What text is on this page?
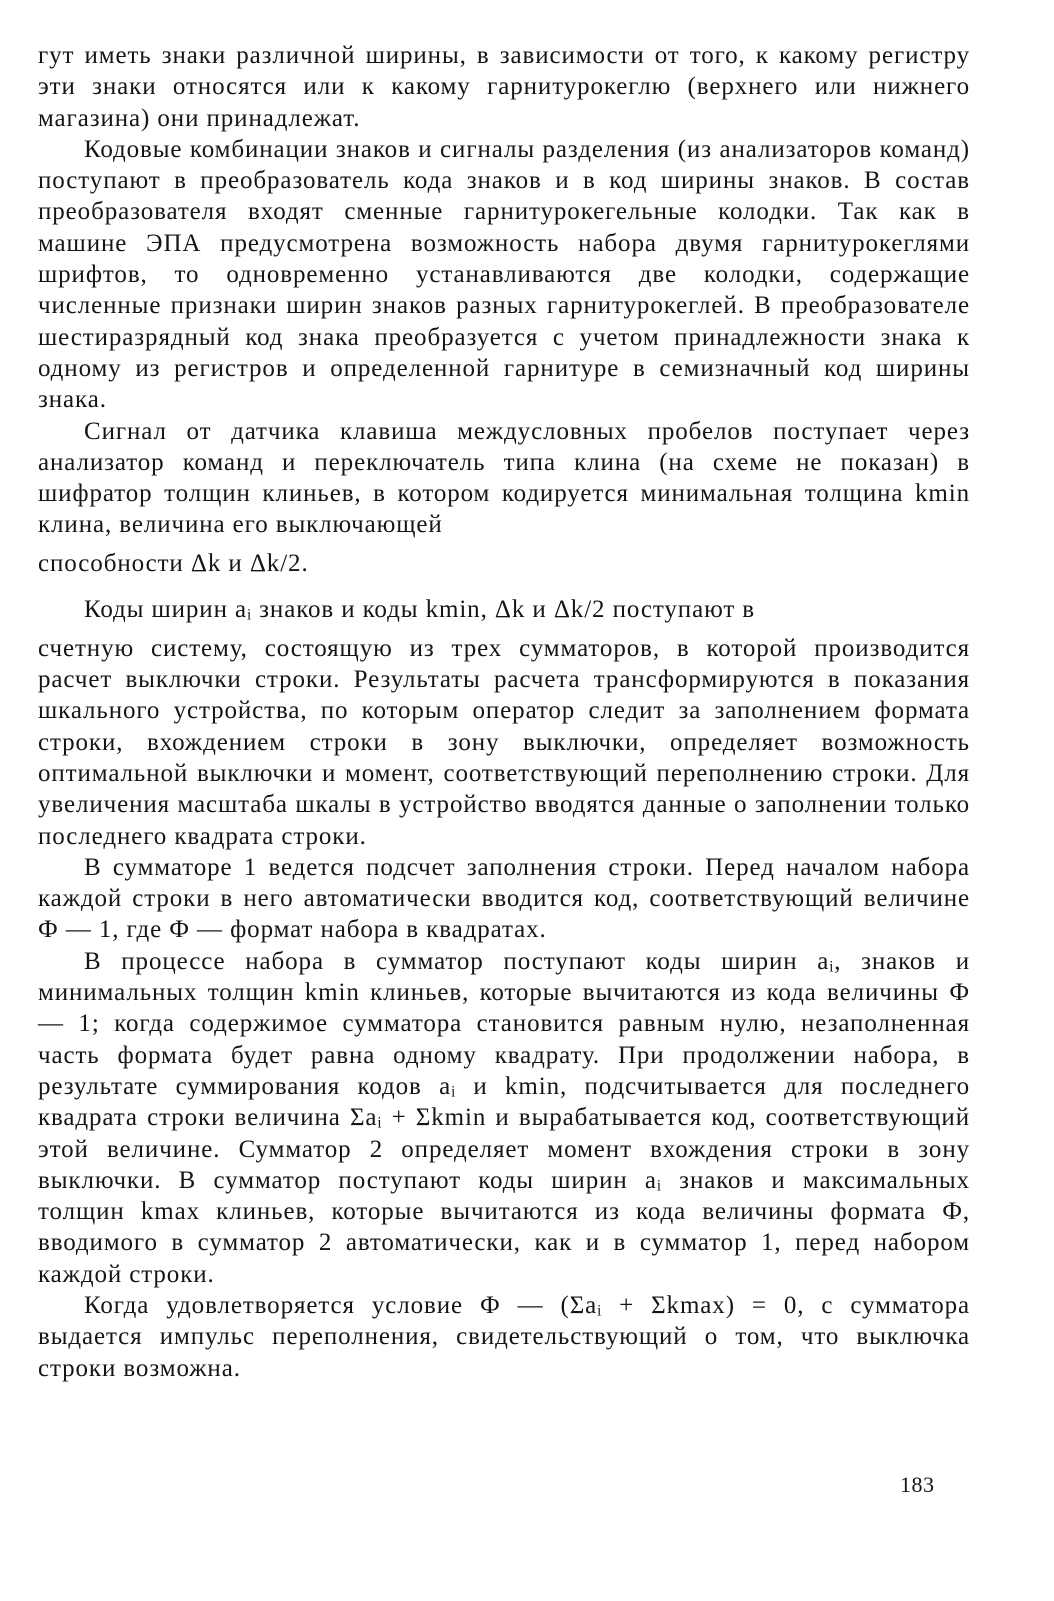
гут иметь знаки различной ширины, в зависимости от того, к какому регистру эти знаки относятся или к какому гарнитурокеглю (верхнего или нижнего магазина) они принадлежат.

Кодовые комбинации знаков и сигналы разделения (из анализаторов команд) поступают в преобразователь кода знаков и в код ширины знаков. В состав преобразователя входят сменные гарнитурокегельные колодки. Так как в машине ЭПА предусмотрена возможность набора двумя гарнитурокеглями шрифтов, то одновременно устанавливаются две колодки, содержащие численные признаки ширин знаков разных гарнитурокеглей. В преобразователе шестиразрядный код знака преобразуется с учетом принадлежности знака к одному из регистров и определенной гарнитуре в семизначный код ширины знака.

Сигнал от датчика клавиша междусловных пробелов поступает через анализатор команд и переключатель типа клина (на схеме не показан) в шифратор толщин клиньев, в котором кодируется минимальная толщина kmin клина, величина его выключающей

способности Δk и Δk/2.

Коды ширин aᵢ знаков и коды kmin, Δk и Δk/2 поступают в

счетную систему, состоящую из трех сумматоров, в которой производится расчет выключки строки. Результаты расчета трансформируются в показания шкального устройства, по которым оператор следит за заполнением формата строки, вхождением строки в зону выключки, определяет возможность оптимальной выключки и момент, соответствующий переполнению строки. Для увеличения масштаба шкалы в устройство вводятся данные о заполнении только последнего квадрата строки.

В сумматоре 1 ведется подсчет заполнения строки. Перед началом набора каждой строки в него автоматически вводится код, соответствующий величине Ф — 1, где Ф — формат набора в квадратах.

В процессе набора в сумматор поступают коды ширин aᵢ, знаков и минимальных толщин kmin клиньев, которые вычитаются из кода величины Ф — 1; когда содержимое сумматора становится равным нулю, незаполненная часть формата будет равна одному квадрату. При продолжении набора, в результате суммирования кодов aᵢ и kmin, подсчитывается для последнего квадрата строки величина Σaᵢ + Σkmin и вырабатывается код, соответствующий этой величине. Сумматор 2 определяет момент вхождения строки в зону выключки. В сумматор поступают коды ширин aᵢ знаков и максимальных толщин kmax клиньев, которые вычитаются из кода величины формата Ф, вводимого в сумматор 2 автоматически, как и в сумматор 1, перед набором каждой строки.

Когда удовлетворяется условие Ф — (Σaᵢ + Σkmax) = 0, с сумматора выдается импульс переполнения, свидетельствующий о том, что выключка строки возможна.

183
